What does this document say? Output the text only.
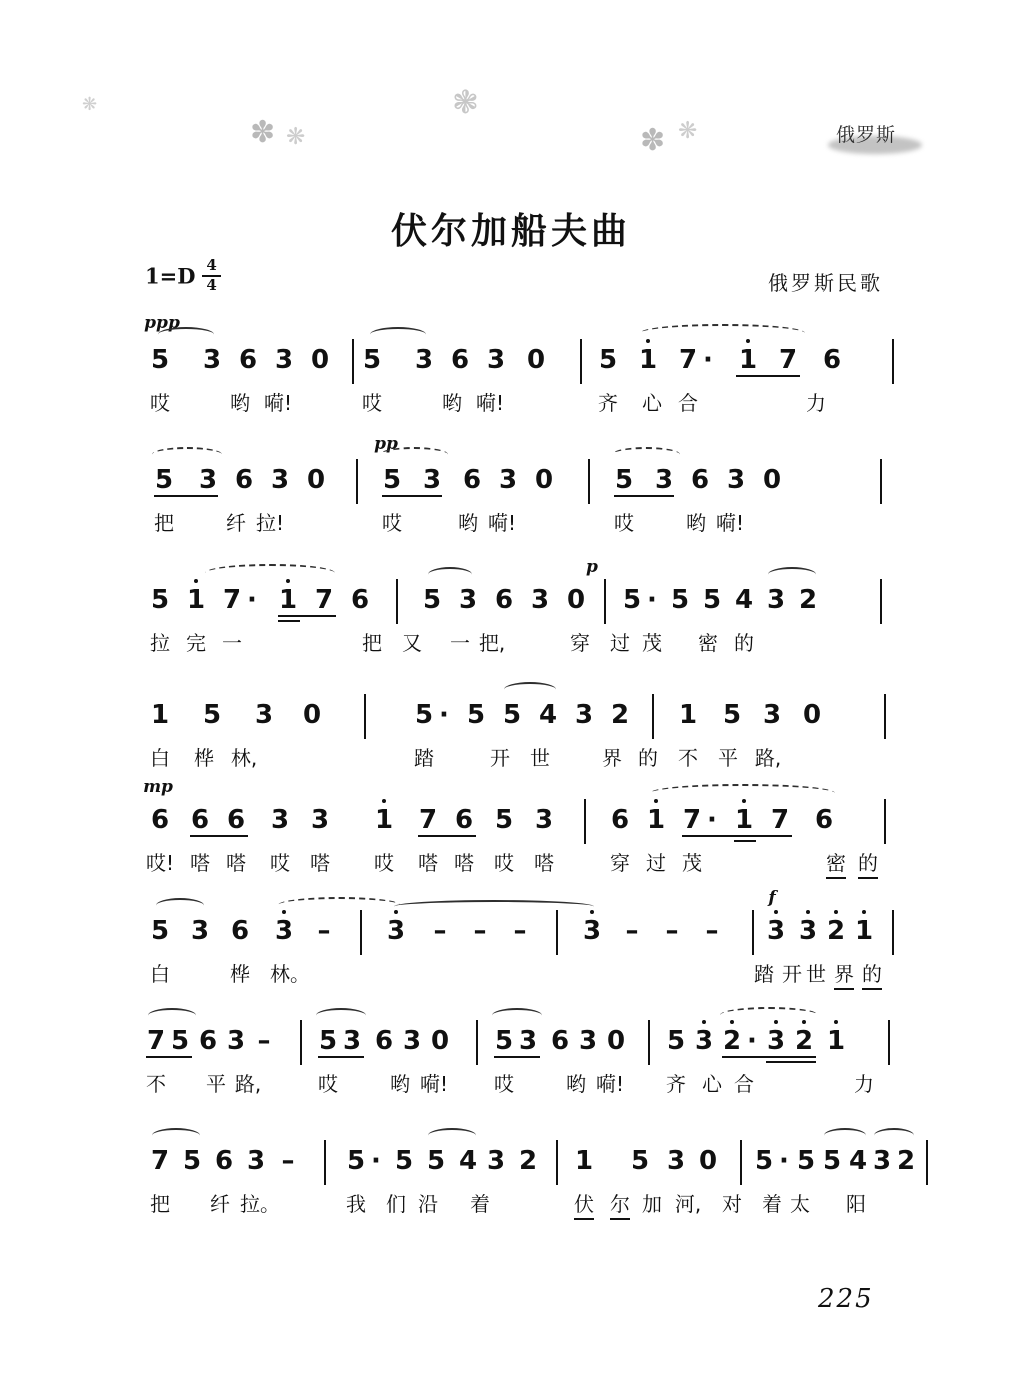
❋
✽ ❋
❃
✽ ❋	俄罗斯
伏尔加船夫曲
$1=D \frac{4}{4}$	俄罗斯民歌
ppp
5 3 6 3 0 5 3 6 3 0 5 1 7 · 1 7 6
哎	哟 嗬!	哎	哟 嗬!	齐 心 合	力
pp
5 3 6 3 0 5 3 6 3 0 5 3 6 3 0
把	纤 拉!	哎	哟 嗬!	哎	哟 嗬!
p
5 1 7 · 1 7 6 5 3 6 3 0 5 · 5 5 4 3 2
拉 完 一	把 又 一 把,	穿 过 茂 密 的
1 5 3 0	5 · 5 5 4 3 2 1 5 3 0
白 桦 林,	踏	开 世	界 的 不 平 路,
mp
6 6 6 3 3 1 7 6 5 3 6 1 7 · 1 7 6
哎! 嗒 嗒 哎 嗒 哎 嗒 嗒 哎 嗒	穿 过 茂	密 的
f
5 3 6 3 – 3 – – – 3 – – – 3 3 2 1
白	桦 林。	踏 开 世 界 的
7 5 6 3 – 5 3 6 3 0 5 3 6 3 0 5 3 2 · 3 2 1
不 平 路,	哎	哟 嗬! 哎	哟 嗬! 齐 心 合	力
7 5 6 3 – 5 · 5 5 4 3 2 1 5 3 0 5 · 5 5 4 3 2
把 纤 拉。	我 们 沿 着	伏 尔 加 河, 对 着 太 阳
225
